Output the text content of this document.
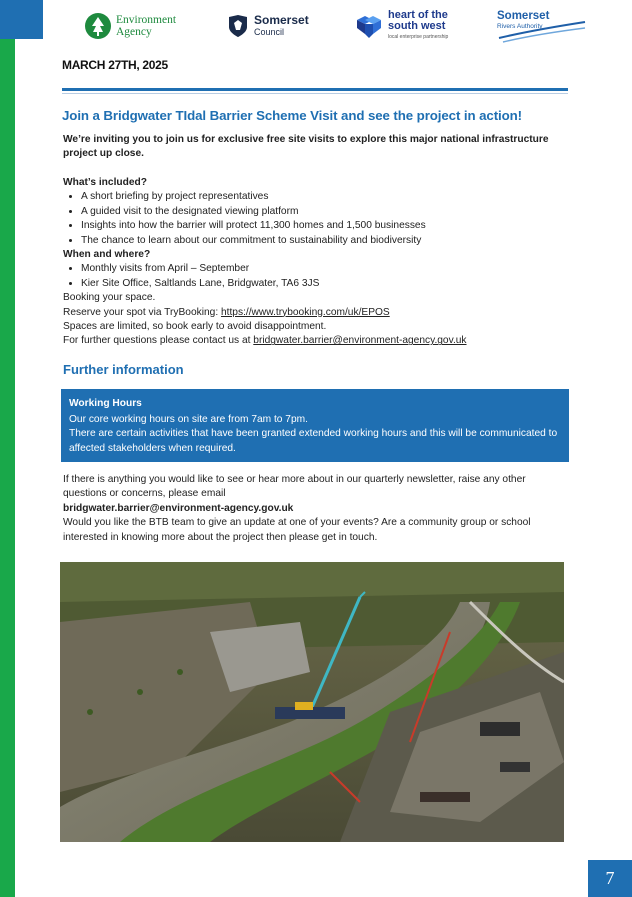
Environment
Agency
Somerset
Council
heart of the
south west
local enterprise partnership
Somerset
Rivers Authority
MARCH 27TH, 2025
Join a Bridgwater TIdal Barrier Scheme Visit and see the project in action!
We’re inviting you to join us for exclusive free site visits to explore this major national infrastructure project up close.
What’s included?
• A short briefing by project representatives
• A guided visit to the designated viewing platform
• Insights into how the barrier will protect 11,300 homes and 1,500 businesses
• The chance to learn about our commitment to sustainability and biodiversity
When and where?
• Monthly visits from April – September
• Kier Site Office, Saltlands Lane, Bridgwater, TA6 3JS
Booking your space.
Reserve your spot via TryBooking: https://www.trybooking.com/uk/EPOS
Spaces are limited, so book early to avoid disappointment.
For further questions please contact us at bridgwater.barrier@environment-agency.gov.uk
Further information
Working Hours
Our core working hours on site are from 7am to 7pm.
There are certain activities that have been granted extended working hours and this will be communicated to affected stakeholders when required.
If there is anything you would like to see or hear more about in our quarterly newsletter, raise any other questions or concerns, please email
bridgwater.barrier@environment-agency.gov.uk
Would you like the BTB team to give an update at one of your events? Are a community group or school interested in knowing more about the project then please get in touch.
7
